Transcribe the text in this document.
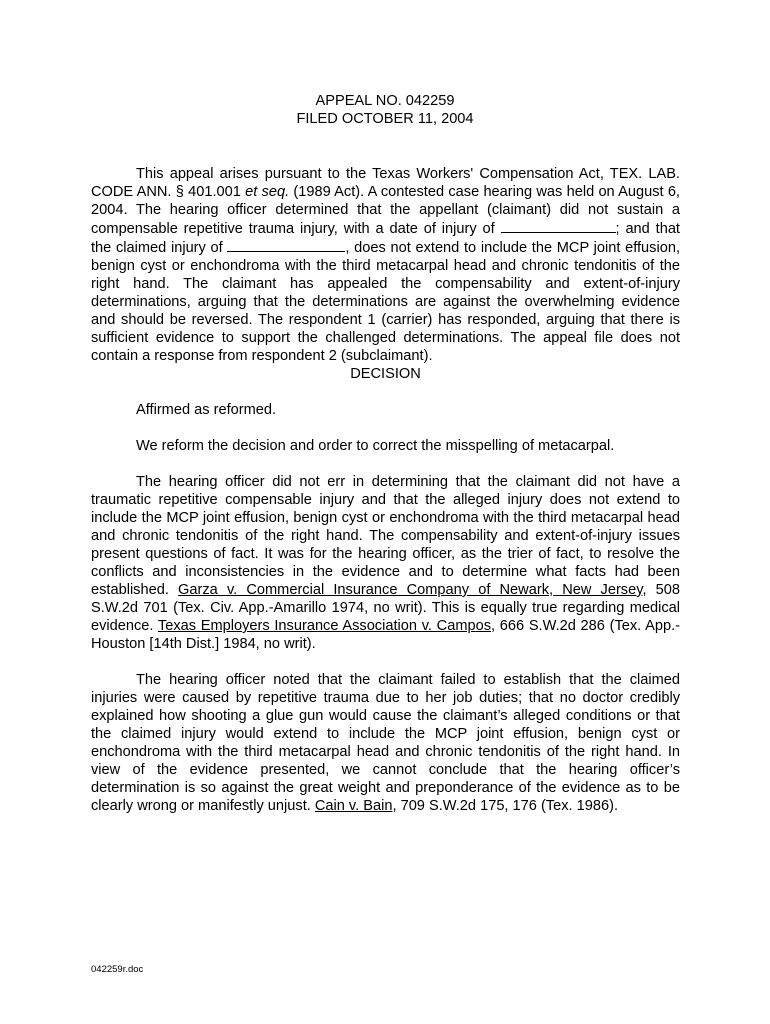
APPEAL NO. 042259
FILED OCTOBER 11, 2004

This appeal arises pursuant to the Texas Workers' Compensation Act, TEX. LAB. CODE ANN. § 401.001 et seq. (1989 Act). A contested case hearing was held on August 6, 2004. The hearing officer determined that the appellant (claimant) did not sustain a compensable repetitive trauma injury, with a date of injury of	; and that the claimed injury of	, does not extend to include the MCP joint effusion, benign cyst or enchondroma with the third metacarpal head and chronic tendonitis of the right hand. The claimant has appealed the compensability and extent-of-injury determinations, arguing that the determinations are against the overwhelming evidence and should be reversed. The respondent 1 (carrier) has responded, arguing that there is sufficient evidence to support the challenged determinations. The appeal file does not contain a response from respondent 2 (subclaimant).

DECISION

Affirmed as reformed.

We reform the decision and order to correct the misspelling of metacarpal.

The hearing officer did not err in determining that the claimant did not have a traumatic repetitive compensable injury and that the alleged injury does not extend to include the MCP joint effusion, benign cyst or enchondroma with the third metacarpal head and chronic tendonitis of the right hand. The compensability and extent-of-injury issues present questions of fact. It was for the hearing officer, as the trier of fact, to resolve the conflicts and inconsistencies in the evidence and to determine what facts had been established. Garza v. Commercial Insurance Company of Newark, New Jersey, 508 S.W.2d 701 (Tex. Civ. App.-Amarillo 1974, no writ). This is equally true regarding medical evidence. Texas Employers Insurance Association v. Campos, 666 S.W.2d 286 (Tex. App.-Houston [14th Dist.] 1984, no writ).

The hearing officer noted that the claimant failed to establish that the claimed injuries were caused by repetitive trauma due to her job duties; that no doctor credibly explained how shooting a glue gun would cause the claimant’s alleged conditions or that the claimed injury would extend to include the MCP joint effusion, benign cyst or enchondroma with the third metacarpal head and chronic tendonitis of the right hand. In view of the evidence presented, we cannot conclude that the hearing officer’s determination is so against the great weight and preponderance of the evidence as to be clearly wrong or manifestly unjust. Cain v. Bain, 709 S.W.2d 175, 176 (Tex. 1986).

042259r.doc
